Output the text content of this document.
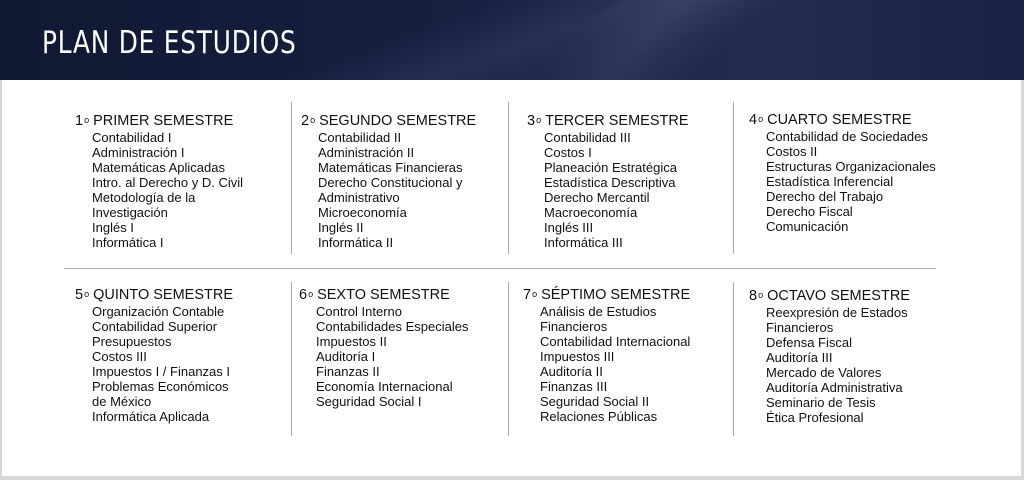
PLAN DE ESTUDIOS
1 o PRIMER SEMESTRE
Contabilidad I
Administración I
Matemáticas Aplicadas
Intro. al Derecho y D. Civil
Metodología de la
Investigación
Inglés I
Informática I
2 o SEGUNDO SEMESTRE
Contabilidad II
Administración II
Matemáticas Financieras
Derecho Constitucional y
Administrativo
Microeconomía
Inglés II
Informática II
3 o TERCER SEMESTRE
Contabilidad III
Costos I
Planeación Estratégica
Estadística Descriptiva
Derecho Mercantil
Macroeconomía
Inglés III
Informática III
4 o CUARTO SEMESTRE
Contabilidad de Sociedades
Costos II
Estructuras Organizacionales
Estadística Inferencial
Derecho del Trabajo
Derecho Fiscal
Comunicación
5 o QUINTO SEMESTRE
Organización Contable
Contabilidad Superior
Presupuestos
Costos III
Impuestos I / Finanzas I
Problemas Económicos
de México
Informática Aplicada
6 o SEXTO SEMESTRE
Control Interno
Contabilidades Especiales
Impuestos II
Auditoría I
Finanzas II
Economía Internacional
Seguridad Social I
7 o SÉPTIMO SEMESTRE
Análisis de Estudios
Financieros
Contabilidad Internacional
Impuestos III
Auditoría II
Finanzas III
Seguridad Social II
Relaciones Públicas
8 o OCTAVO SEMESTRE
Reexpresión de Estados
Financieros
Defensa Fiscal
Auditoría III
Mercado de Valores
Auditoría Administrativa
Seminario de Tesis
Ética Profesional
